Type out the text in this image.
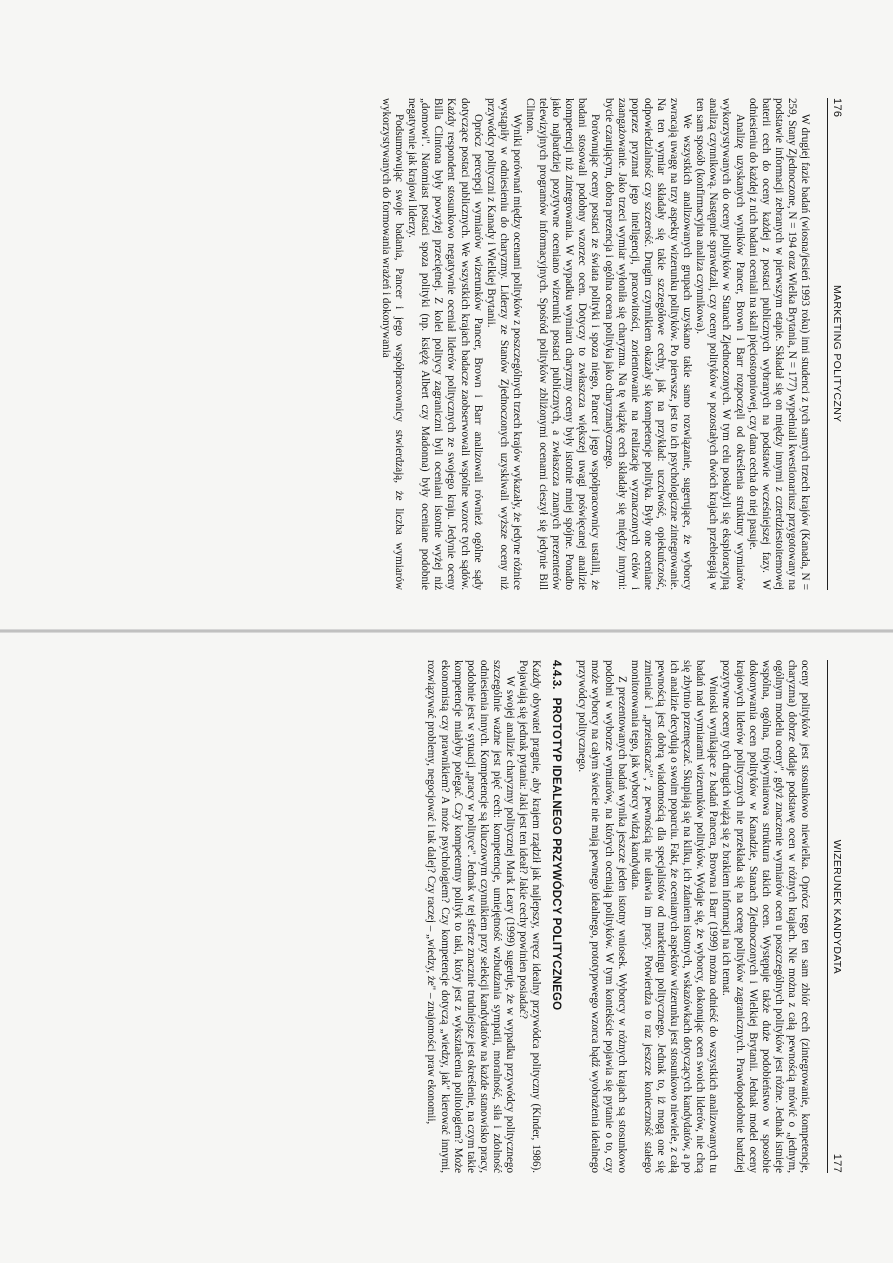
176
MARKETING POLITYCZNY

W drugiej fazie badań (wiosna/jesień 1993 roku) inni studenci z tych samych trzech krajów (Kanada, N = 259, Stany Zjednoczone, N = 194 oraz Wielka Brytania, N = 177) wypełniali kwestionariusz przygotowany na podstawie informacji zebranych w pierwszym etapie. Składał się on między innymi z czterdziestoitemowej baterii cech do oceny każdej z postaci publicznych wybranych na podstawie wcześniejszej fazy. W odniesieniu do każdej z nich badani oceniali na skali pięciostopniowej, czy dana cecha do niej pasuje.

Analizę uzyskanych wyników Pancer, Brown i Barr rozpoczęli od określenia struktury wymiarów wykorzystywanych do oceny polityków w Stanach Zjednoczonych. W tym celu posłużyli się eksploracyjną analizą czynnikową. Następnie sprawdzali, czy oceny polityków w pozostałych dwóch krajach przebiegają w ten sam sposób (konfirmacyjna analiza czynnikowa).

We wszystkich analizowanych grupach uzyskano takie samo rozwiązanie, sugerujące, że wyborcy zwracają uwagę na trzy aspekty wizerunku polityków. Po pierwsze, jest to ich psychologiczne zintegrowanie. Na ten wymiar składały się takie szczegółowe cechy, jak na przykład: uczciwość, opiekuńczość, odpowiedzialność czy szczerość. Drugim czynnikiem okazały się kompetencje polityka. Były one oceniane poprzez pryzmat jego inteligencji, pracowitości, zorientowanie na realizację wyznaczonych celów i zaangażowanie. Jako trzeci wymiar wyłoniła się charyzma. Na tę wiązkę cech składały się między innymi: bycie czarującym, dobra prezencja i ogólna ocena polityka jako charyzmatycznego.

Porównując oceny postaci ze świata polityki i spoza niego, Pancer i jego współpracownicy ustalili, że badani stosowali podobny wzorzec ocen. Dotyczy to zwłaszcza większej uwagi poświęcanej analizie kompetencji niż zintegrowania. W wypadku wymiaru charyzmy oceny były istotnie mniej spójne. Ponadto jako najbardziej pozytywne oceniano wizerunki postaci publicznych, a zwłaszcza znanych prezenterów telewizyjnych programów informacyjnych. Spośród polityków zbliżonymi ocenami cieszył się jedynie Bill Clinton.

Wyniki porównań między ocenami polityków z poszczególnych trzech krajów wykazały, że jedyne różnice wystąpiły w odniesieniu do charyzmy. Liderzy ze Stanów Zjednoczonych uzyskiwali wyższe oceny niż przywódcy polityczni z Kanady i Wielkiej Brytanii.

Oprócz percepcji wymiarów wizerunków Pancer, Brown i Barr analizowali również ogólne sądy dotyczące postaci publicznych. We wszystkich krajach badacze zaobserwowali wspólne wzorce tych sądów. Każdy respondent stosunkowo negatywnie oceniał liderów politycznych ze swojego kraju. Jedynie oceny Billa Clintona były powyżej przeciętnej. Z kolei politycy zagraniczni byli oceniani istotnie wyżej niż „domowi". Natomiast postaci spoza polityki (np. księżę Albert czy Madonna) były oceniane podobnie negatywnie jak krajowi liderzy.

Podsumowując swoje badania, Pancer i jego współpracownicy stwierdzają, że liczba wymiarów wykorzystywanych do formowania wrażeń i dokonywania

WIZERUNEK KANDYDATA
177

oceny polityków jest stosunkowo niewielka. Oprócz tego ten sam zbiór cech (zintegrowanie, kompetencje, charyzma) dobrze oddaje podstawę ocen w różnych krajach. Nie można z całą pewnością mówić o „jednym, ogólnym modelu oceny", gdyż znaczenie wymiarów ocen u poszczególnych polityków jest różne. Jednak istnieje wspólna, ogólna, trójwymiarowa struktura takich ocen. Występuje także duże podobieństwo w sposobie dokonywania ocen polityków w Kanadzie, Stanach Zjednoczonych i Wielkiej Brytanii. Jednak model oceny krajowych liderów politycznych nie przekłada się na ocenę polityków zagranicznych. Prawdopodobnie bardziej pozytywne oceny tych drugich wiążą się z brakiem informacji na ich temat.

Wnioski wynikające z badań Pancera, Browna i Barr (1999) można odnieść do wszystkich analizowanych tu badań nad wymiarami wizerunków polityków. Wydaje się, że wyborcy, dokonując ocen swoich liderów, nie chcą się zbytnio przemęczać. Skupiają się na kilku, ich zdaniem istotnych, wskazówkach dotyczących kandydatów, a po ich analizie decydują o swoim poparciu. Fakt, że ocenianych aspektów wizerunku jest stosunkowo niewiele, z całą pewnością jest dobrą wiadomością dla specjalistów od marketingu politycznego. Jednak to, iż mogą one się zmieniać i „przeistaczać", z pewnością nie ułatwia im pracy. Potwierdza to raz jeszcze konieczność stałego monitorowania tego, jak wyborcy widzą kandydata.

Z prezentowanych badań wynika jeszcze jeden istotny wniosek. Wyborcy w różnych krajach są stosunkowo podobni w wyborze wymiarów, na których oceniają polityków. W tym kontekście pojawia się pytanie o to, czy może wyborcy na całym świecie nie mają pewnego idealnego, prototypowego wzorca bądź wyobrażenia idealnego przywódcy politycznego.

4.4.3.PROTOTYP IDEALNEGO PRZYWÓDCY POLITYCZNEGO

Każdy obywatel pragnie, aby krajem rządził jak najlepszy, wręcz idealny przywódca polityczny (Kinder, 1986). Pojawiają się jednak pytania: Jaki jest ten ideał? Jakie cechy powinien posiadać?

W swojej analizie charyzmy politycznej Mark Leary (1999) sugeruje, że w wypadku przywódcy politycznego szczególnie ważne jest pięć cech: kompetencje, umiejętność wzbudzania sympatii, moralność, siła i zdolność odniesienia innych. Kompetencje są kluczowym czynnikiem przy selekcji kandydatów na każde stanowisko pracy, podobnie jest w sytuacji „pracy w polityce". Jednak w tej sferze znacznie trudniejsze jest określenie, na czym takie kompetencje miałyby polegać. Czy kompetentny polityk to taki, który jest z wykształcenia politologiem? Może ekonomistą czy prawnikiem? A może psychologiem? Czy kompetencje dotyczą „wiedzy, jak" kierować innymi, rozwiązywać problemy, negocjować i tak dalej? Czy raczej – „wiedzy, że" – znajomości praw ekonomii,
